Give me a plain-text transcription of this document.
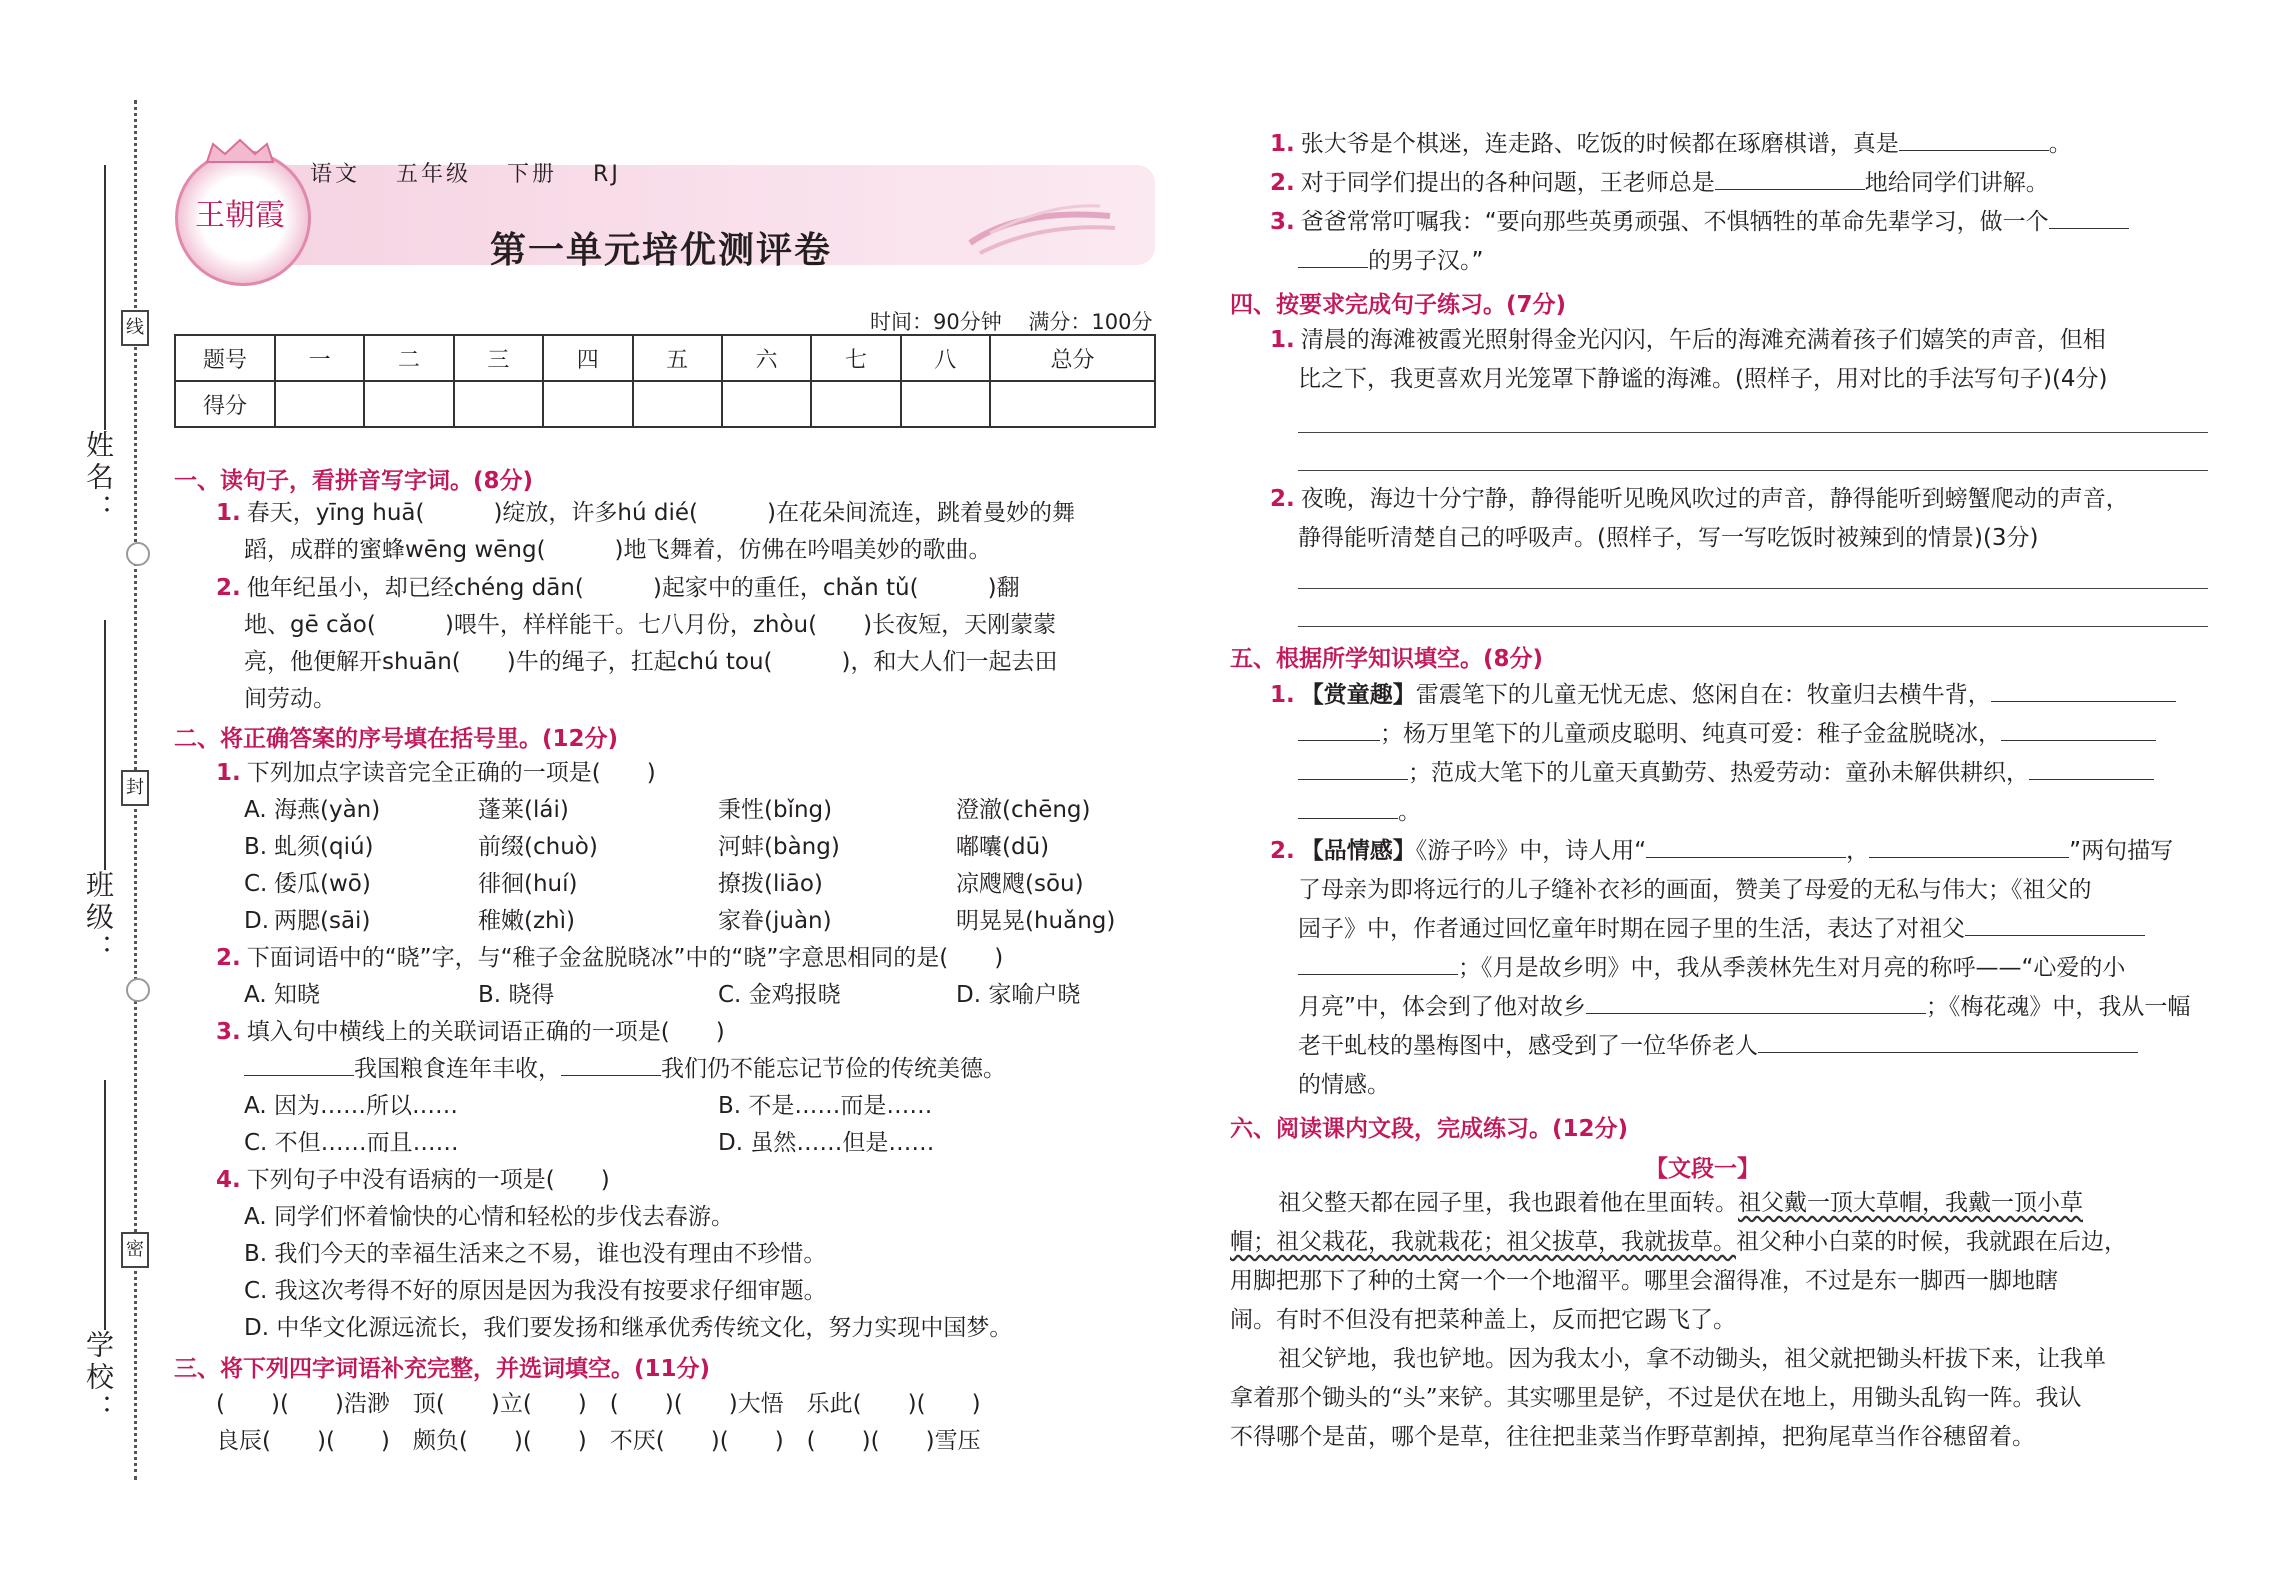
姓名：
班级：
学校：
线
封
密
王朝霞
语文 五年级 下册 RJ
第一单元培优测评卷
时间：90分钟 满分：100分
题号	一	二	三	四	五	六	七	八	总分
得分									
一、读句子，看拼音写字词。(8分)
1. 春天，yīng huā(　　　)绽放，许多hú dié(　　　)在花朵间流连，跳着曼妙的舞
蹈，成群的蜜蜂wēng wēng(　　　)地飞舞着，仿佛在吟唱美妙的歌曲。
2. 他年纪虽小，却已经chéng dān(　　　)起家中的重任，chǎn tǔ(　　　)翻
地、gē cǎo(　　　)喂牛，样样能干。七八月份，zhòu(　　)长夜短，天刚蒙蒙
亮，他便解开shuān(　　)牛的绳子，扛起chú tou(　　　)，和大人们一起去田
间劳动。
二、将正确答案的序号填在括号里。(12分)
1. 下列加点字读音完全正确的一项是(　　)
A. 海燕(yàn)	蓬莱(lái)	秉性(bǐng)	澄澈(chēng)
B. 虬须(qiú)	前缀(chuò)	河蚌(bàng)	嘟囔(dū)
C. 倭瓜(wō)	徘徊(huí)	撩拨(liāo)	凉飕飕(sōu)
D. 两腮(sāi)	稚嫩(zhì)	家眷(juàn)	明晃晃(huǎng)
2. 下面词语中的“晓”字，与“稚子金盆脱晓冰”中的“晓”字意思相同的是(　　)
A. 知晓	B. 晓得	C. 金鸡报晓	D. 家喻户晓
3. 填入句中横线上的关联词语正确的一项是(　　)
我国粮食连年丰收，	我们仍不能忘记节俭的传统美德。
A. 因为……所以……	B. 不是……而是……
C. 不但……而且……	D. 虽然……但是……
4. 下列句子中没有语病的一项是(　　)
A. 同学们怀着愉快的心情和轻松的步伐去春游。
B. 我们今天的幸福生活来之不易，谁也没有理由不珍惜。
C. 我这次考得不好的原因是因为我没有按要求仔细审题。
D. 中华文化源远流长，我们要发扬和继承优秀传统文化，努力实现中国梦。
三、将下列四字词语补充完整，并选词填空。(11分)
(　　)(　　)浩渺　顶(　　)立(　　)　(　　)(　　)大悟　乐此(　　)(　　)
良辰(　　)(　　)　颇负(　　)(　　)　不厌(　　)(　　)　(　　)(　　)雪压
1. 张大爷是个棋迷，连走路、吃饭的时候都在琢磨棋谱，真是	。
2. 对于同学们提出的各种问题，王老师总是	地给同学们讲解。
3. 爸爸常常叮嘱我：“要向那些英勇顽强、不惧牺牲的革命先辈学习，做一个
的男子汉。”
四、按要求完成句子练习。(7分)
1. 清晨的海滩被霞光照射得金光闪闪，午后的海滩充满着孩子们嬉笑的声音，但相
比之下，我更喜欢月光笼罩下静谧的海滩。(照样子，用对比的手法写句子)(4分)
2. 夜晚，海边十分宁静，静得能听见晚风吹过的声音，静得能听到螃蟹爬动的声音，
静得能听清楚自己的呼吸声。(照样子，写一写吃饭时被辣到的情景)(3分)
五、根据所学知识填空。(8分)
1. 【赏童趣】雷震笔下的儿童无忧无虑、悠闲自在：牧童归去横牛背，
；杨万里笔下的儿童顽皮聪明、纯真可爱：稚子金盆脱晓冰，
；范成大笔下的儿童天真勤劳、热爱劳动：童孙未解供耕织，
。
2. 【品情感】《游子吟》中，诗人用“	，	”两句描写
了母亲为即将远行的儿子缝补衣衫的画面，赞美了母爱的无私与伟大；《祖父的
园子》中，作者通过回忆童年时期在园子里的生活，表达了对祖父
；《月是故乡明》中，我从季羡林先生对月亮的称呼——“心爱的小
月亮”中，体会到了他对故乡	；《梅花魂》中，我从一幅
老干虬枝的墨梅图中，感受到了一位华侨老人
的情感。
六、阅读课内文段，完成练习。(12分)
【文段一】
祖父整天都在园子里，我也跟着他在里面转。祖父戴一顶大草帽，我戴一顶小草
帽；祖父栽花，我就栽花；祖父拔草，我就拔草。祖父种小白菜的时候，我就跟在后边，
用脚把那下了种的土窝一个一个地溜平。哪里会溜得准，不过是东一脚西一脚地瞎
闹。有时不但没有把菜种盖上，反而把它踢飞了。
祖父铲地，我也铲地。因为我太小，拿不动锄头，祖父就把锄头杆拔下来，让我单
拿着那个锄头的“头”来铲。其实哪里是铲，不过是伏在地上，用锄头乱钩一阵。我认
不得哪个是苗，哪个是草，往往把韭菜当作野草割掉，把狗尾草当作谷穗留着。
